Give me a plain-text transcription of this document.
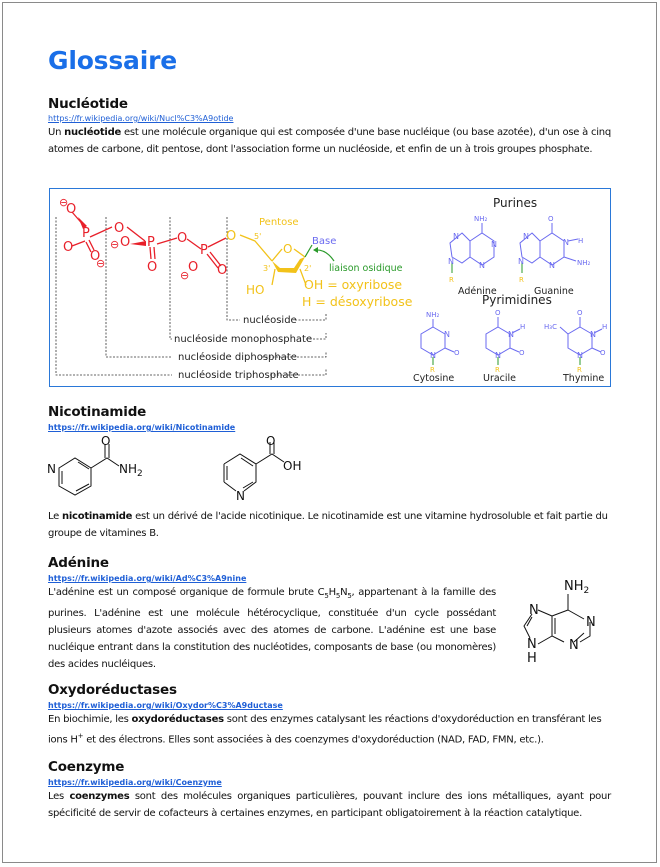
Glossaire
Nucléotide
https://fr.wikipedia.org/wiki/Nucl%C3%A9otide
Un nucléotide est une molécule organique qui est composée d'une base nucléique (ou base azotée), d'un ose à cinq atomes de carbone, dit pentose, dont l'association forme un nucléoside, et enfin de un à trois groupes phosphate.
nucléoside triphosphate
nucléoside diphosphate
nucléoside monophosphate
nucléoside
⊖
O
P
O
O
⊖
O
⊖ O P
O
O
P
O
⊖ O
O
Pentose
5'
O
3'	2'
HO
Base
liaison osidique
OH = oxyribose
H = désoxyribose
Purines
NH₂
N
N
N
N
R
Adénine
O
N
N H
N
N	NH₂
R
Guanine
Pyrimidines
NH₂
N
N	O
R
Cytosine
O
N
H
N	O
R
Uracile
O
H₃C
N
H
N O
R
Thymine
Nicotinamide
https://fr.wikipedia.org/wiki/Nicotinamide
O
N	$NH_2$
O
N
OH
Le nicotinamide est un dérivé de l'acide nicotinique. Le nicotinamide est une vitamine hydrosoluble et fait partie du groupe de vitamines B.
Adénine
https://fr.wikipedia.org/wiki/Ad%C3%A9nine
L'adénine est un composé organique de formule brute $C_5H_5N_5$, appartenant à la famille des purines. L'adénine est une molécule hétérocyclique, constituée d'un cycle possédant plusieurs atomes d'azote associés avec des atomes de carbone. L'adénine est une base nucléique entrant dans la constitution des nucléotides, composants de base (ou monomères) des acides nucléiques.
$NH_2$
N
N
N
N
H
Oxydoréductases
https://fr.wikipedia.org/wiki/Oxydor%C3%A9ductase
En biochimie, les oxydoréductases sont des enzymes catalysant les réactions d'oxydoréduction en transférant les ions H+ et des électrons. Elles sont associées à des coenzymes d'oxydoréduction (NAD, FAD, FMN, etc.).
Coenzyme
https://fr.wikipedia.org/wiki/Coenzyme
Les coenzymes sont des molécules organiques particulières, pouvant inclure des ions métalliques, ayant pour spécificité de servir de cofacteurs à certaines enzymes, en participant obligatoirement à la réaction catalytique.
